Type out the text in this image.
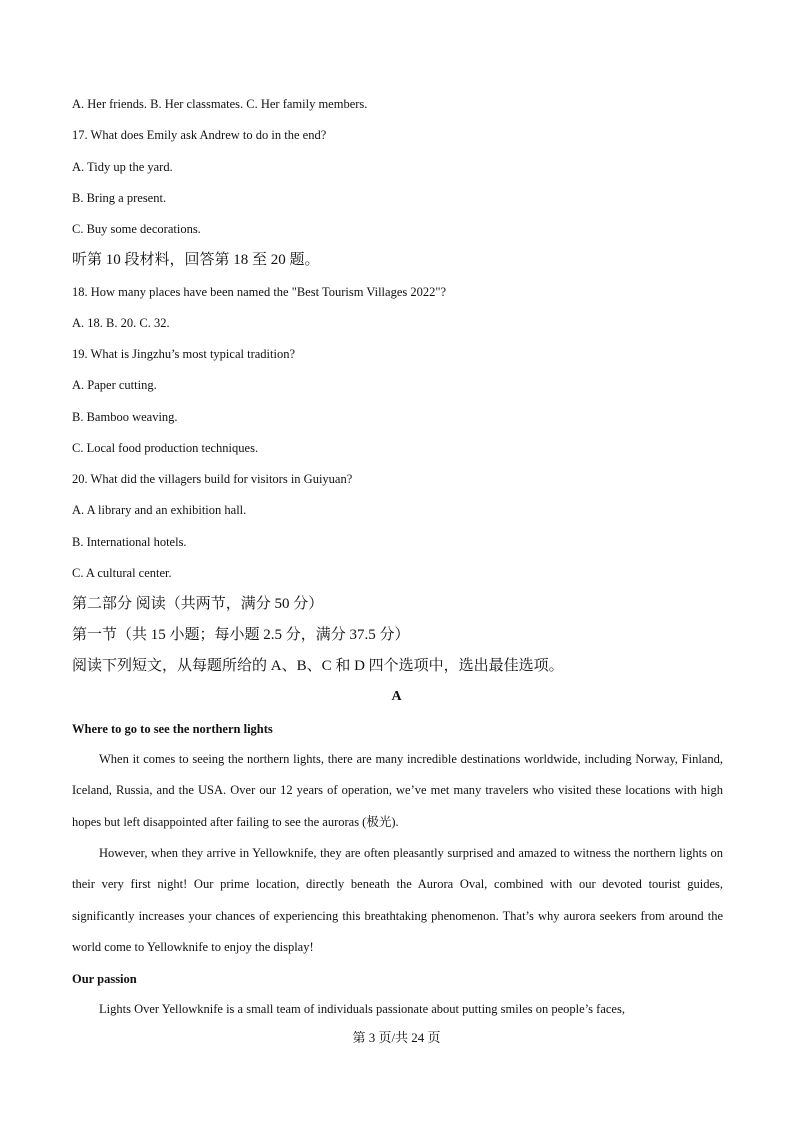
A. Her friends. B. Her classmates. C. Her family members.
17. What does Emily ask Andrew to do in the end?
A. Tidy up the yard.
B. Bring a present.
C. Buy some decorations.
听第 10 段材料，回答第 18 至 20 题。
18. How many places have been named the "Best Tourism Villages 2022"?
A. 18. B. 20. C. 32.
19. What is Jingzhu’s most typical tradition?
A. Paper cutting.
B. Bamboo weaving.
C. Local food production techniques.
20. What did the villagers build for visitors in Guiyuan?
A. A library and an exhibition hall.
B. International hotels.
C. A cultural center.
第二部分 阅读（共两节，满分 50 分）
第一节（共 15 小题；每小题 2.5 分，满分 37.5 分）
阅读下列短文，从每题所给的 A、B、C 和 D 四个选项中，选出最佳选项。
A
Where to go to see the northern lights
When it comes to seeing the northern lights, there are many incredible destinations worldwide, including Norway, Finland, Iceland, Russia, and the USA. Over our 12 years of operation, we’ve met many travelers who visited these locations with high hopes but left disappointed after failing to see the auroras (极光).
However, when they arrive in Yellowknife, they are often pleasantly surprised and amazed to witness the northern lights on their very first night! Our prime location, directly beneath the Aurora Oval, combined with our devoted tourist guides, significantly increases your chances of experiencing this breathtaking phenomenon. That’s why aurora seekers from around the world come to Yellowknife to enjoy the display!
Our passion
Lights Over Yellowknife is a small team of individuals passionate about putting smiles on people’s faces,
第 3 页/共 24 页
